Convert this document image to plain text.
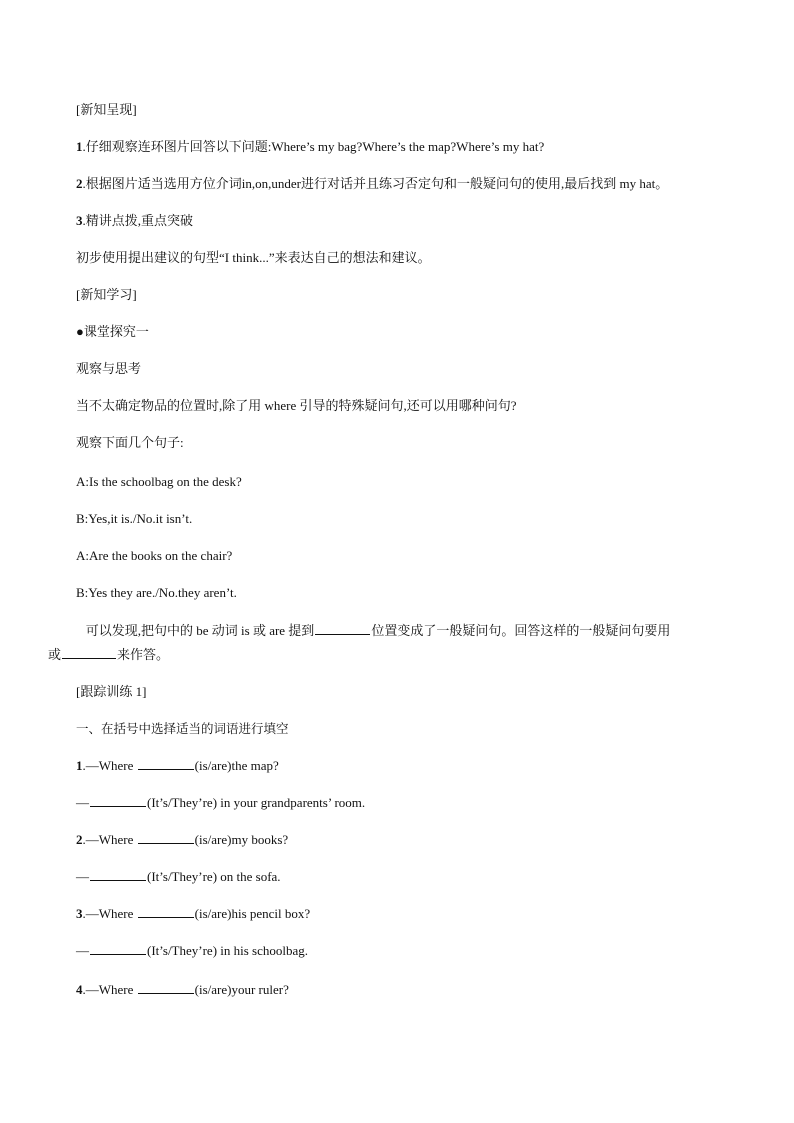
[新知呈现]
1.仔细观察连环图片回答以下问题:Where’s my bag?Where’s the map?Where’s my hat?
2.根据图片适当选用方位介词in,on,under进行对话并且练习否定句和一般疑问句的使用,最后找到 my hat。
3.精讲点拨,重点突破
初步使用提出建议的句型“I think...”来表达自己的想法和建议。
[新知学习]
●课堂探究一
观察与思考
当不太确定物品的位置时,除了用 where 引导的特殊疑问句,还可以用哪种问句?
观察下面几个句子:
A:Is the schoolbag on the desk?
B:Yes,it is./No.it isn’t.
A:Are the books on the chair?
B:Yes they are./No.they aren’t.
可以发现,把句中的 be 动词 is 或 are 提到	位置变成了一般疑问句。回答这样的一般疑问句要用
或	来作答。
[跟踪训练 1]
一、在括号中选择适当的词语进行填空
1.—Where	(is/are)the map?
—	(It’s/They’re) in your grandparents’ room.
2.—Where	(is/are)my books?
—	(It’s/They’re) on the sofa.
3.—Where	(is/are)his pencil box?
—	(It’s/They’re) in his schoolbag.
4.—Where	(is/are)your ruler?
